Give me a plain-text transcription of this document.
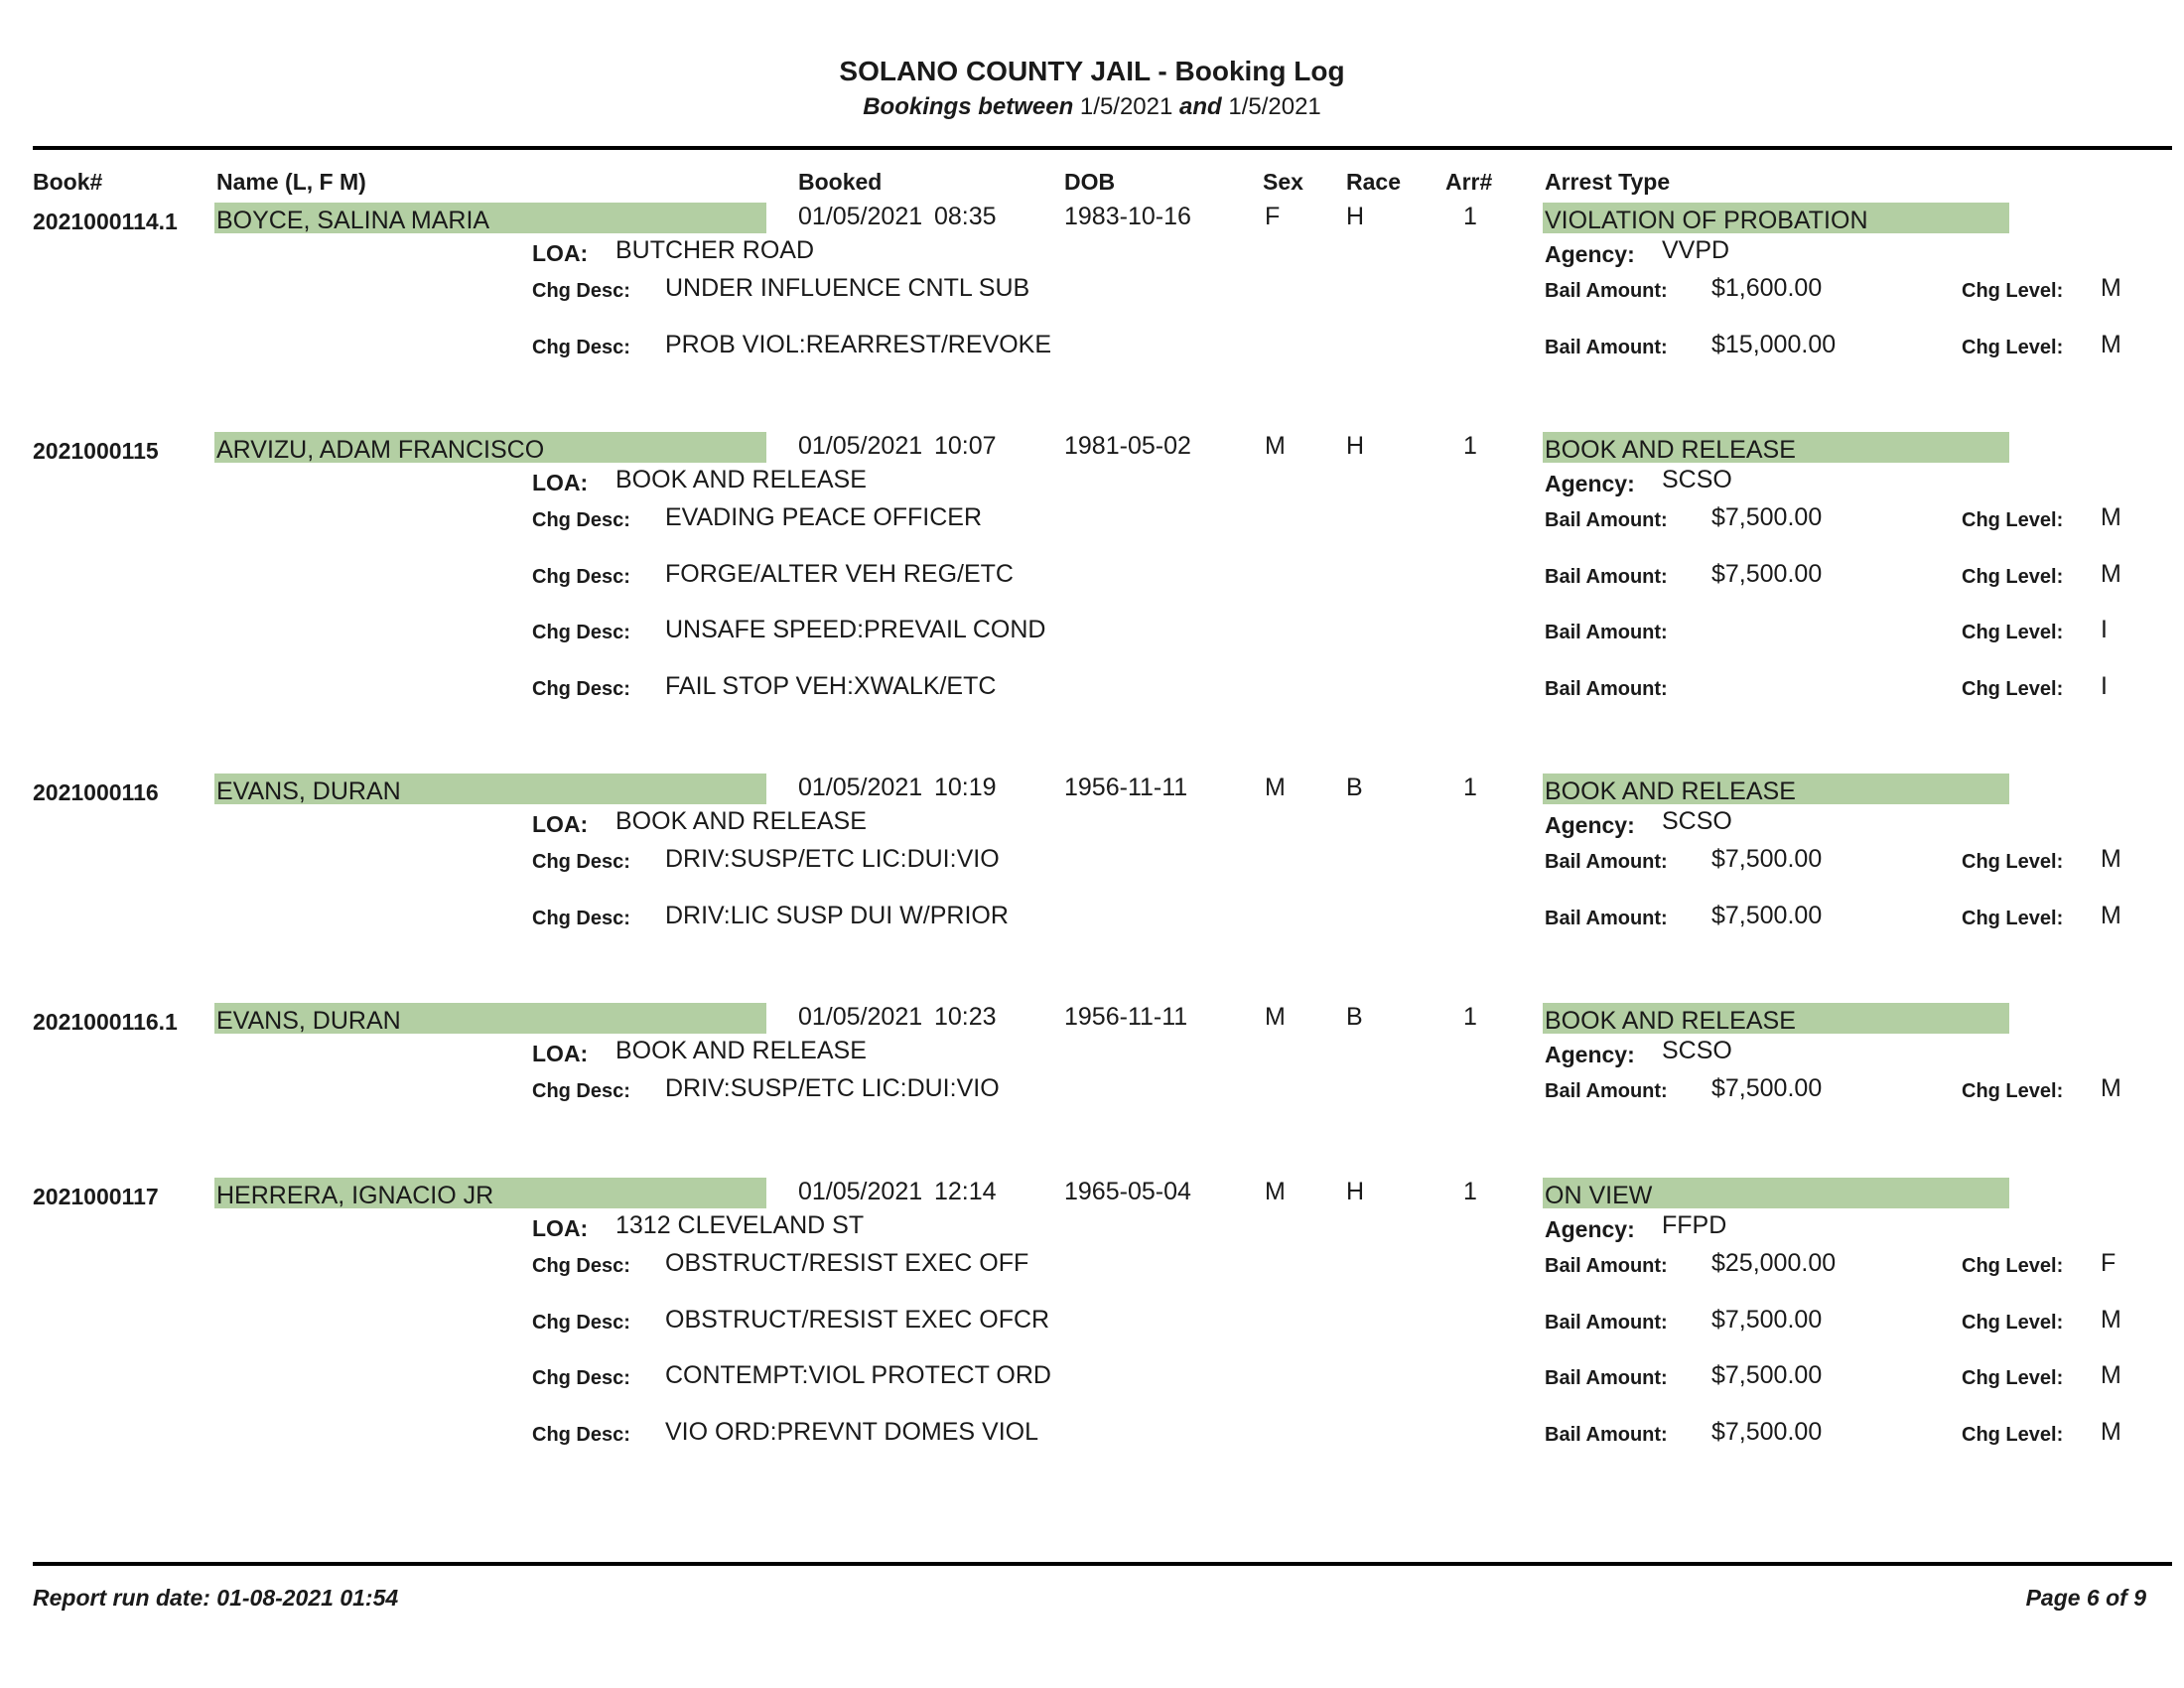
SOLANO COUNTY JAIL - Booking Log
Bookings between 1/5/2021 and 1/5/2021
Book#	Name (L, F M)	Booked	DOB	Sex Race Arr# Arrest Type
2021000114.1 BOYCE, SALINA MARIA	01/05/2021 08:35	1983-10-16	F	H	1	VIOLATION OF PROBATION
LOA: BUTCHER ROAD	Agency: VVPD
Chg Desc: UNDER INFLUENCE CNTL SUB	Bail Amount: $1,600.00	Chg Level: M
Chg Desc: PROB VIOL:REARREST/REVOKE	Bail Amount: $15,000.00	Chg Level: M
2021000115 ARVIZU, ADAM FRANCISCO	01/05/2021 10:07	1981-05-02	M H	1	BOOK AND RELEASE
LOA: BOOK AND RELEASE	Agency: SCSO
Chg Desc: EVADING PEACE OFFICER	Bail Amount: $7,500.00	Chg Level: M
Chg Desc: FORGE/ALTER VEH REG/ETC	Bail Amount: $7,500.00	Chg Level: M
Chg Desc: UNSAFE SPEED:PREVAIL COND	Bail Amount:	Chg Level: I
Chg Desc: FAIL STOP VEH:XWALK/ETC	Bail Amount:	Chg Level: I
2021000116 EVANS, DURAN	01/05/2021 10:19	1956-11-11	M B	1	BOOK AND RELEASE
LOA: BOOK AND RELEASE	Agency: SCSO
Chg Desc: DRIV:SUSP/ETC LIC:DUI:VIO	Bail Amount: $7,500.00	Chg Level: M
Chg Desc: DRIV:LIC SUSP DUI W/PRIOR	Bail Amount: $7,500.00	Chg Level: M
2021000116.1 EVANS, DURAN	01/05/2021 10:23	1956-11-11	M B	1	BOOK AND RELEASE
LOA: BOOK AND RELEASE	Agency: SCSO
Chg Desc: DRIV:SUSP/ETC LIC:DUI:VIO	Bail Amount: $7,500.00	Chg Level: M
2021000117 HERRERA, IGNACIO JR	01/05/2021 12:14	1965-05-04	M H	1	ON VIEW
LOA: 1312 CLEVELAND ST	Agency: FFPD
Chg Desc: OBSTRUCT/RESIST EXEC OFF	Bail Amount: $25,000.00	Chg Level: F
Chg Desc: OBSTRUCT/RESIST EXEC OFCR	Bail Amount: $7,500.00	Chg Level: M
Chg Desc: CONTEMPT:VIOL PROTECT ORD	Bail Amount: $7,500.00	Chg Level: M
Chg Desc: VIO ORD:PREVNT DOMES VIOL	Bail Amount: $7,500.00	Chg Level: M
Report run date: 01-08-2021 01:54	Page 6 of 9
